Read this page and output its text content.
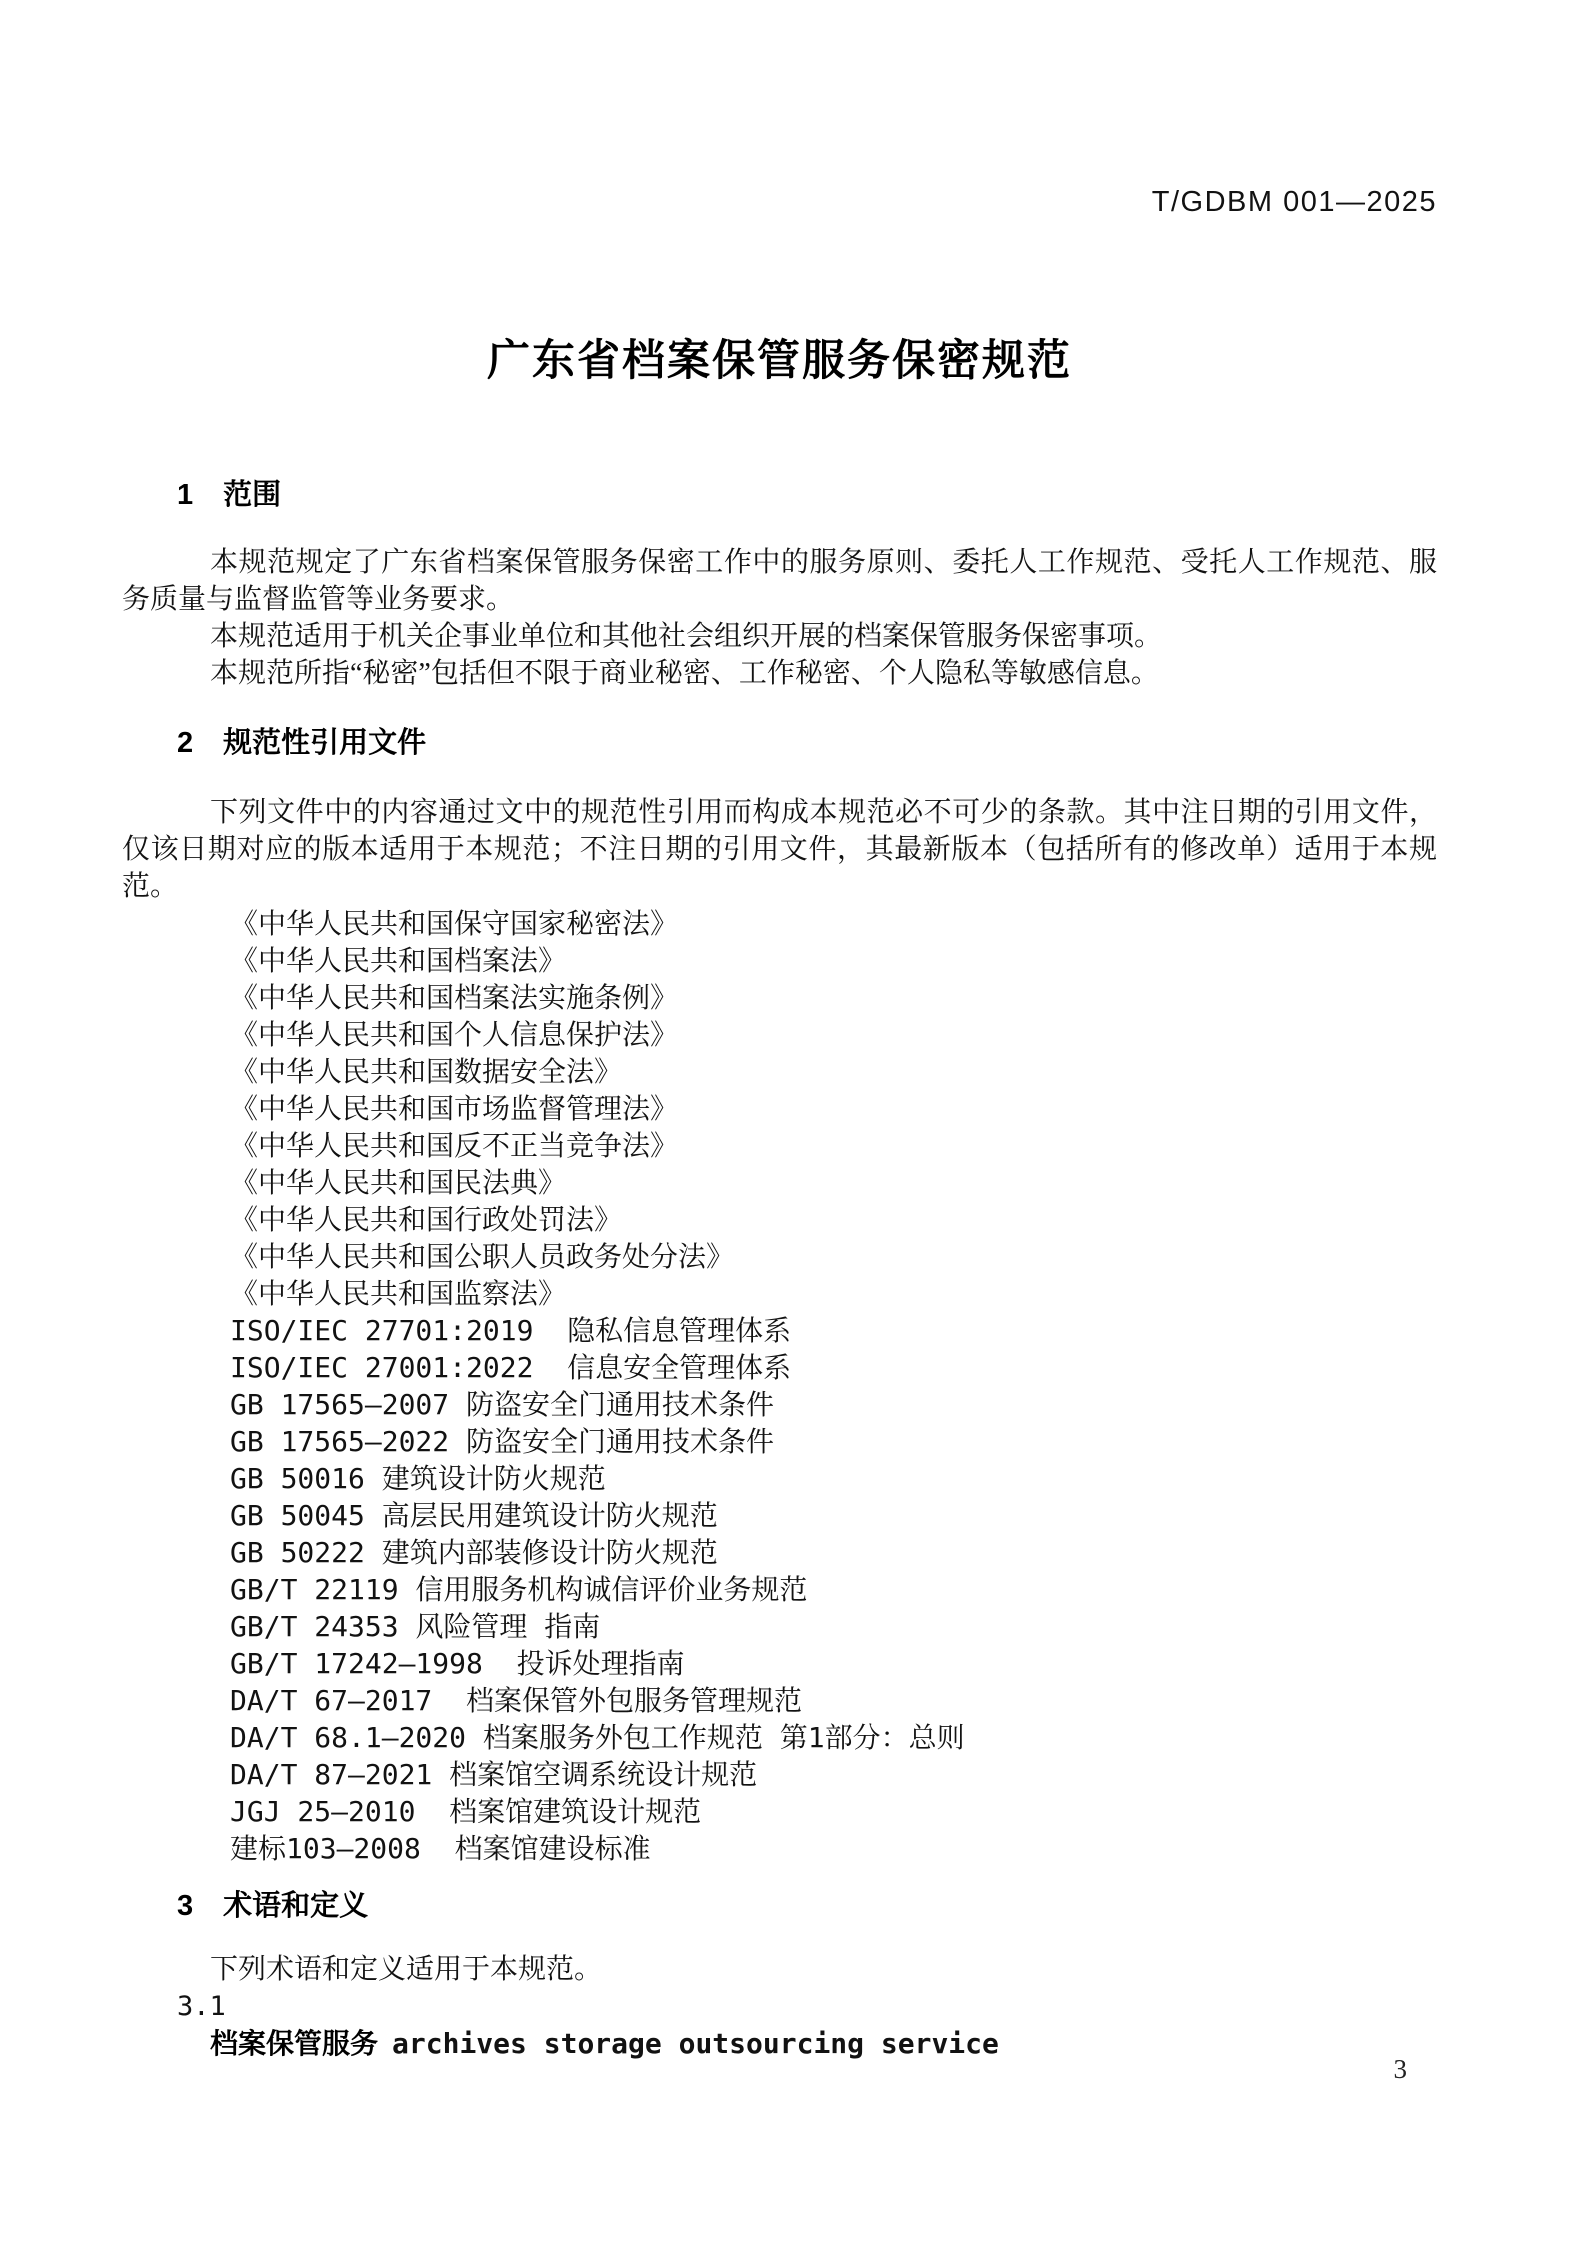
T/GDBM 001—2025
广东省档案保管服务保密规范
1 范围

本规范规定了广东省档案保管服务保密工作中的服务原则、委托人工作规范、受托人工作规范、服务质量与监督监管等业务要求。

本规范适用于机关企事业单位和其他社会组织开展的档案保管服务保密事项。

本规范所指“秘密”包括但不限于商业秘密、工作秘密、个人隐私等敏感信息。

2 规范性引用文件

下列文件中的内容通过文中的规范性引用而构成本规范必不可少的条款。其中注日期的引用文件，仅该日期对应的版本适用于本规范；不注日期的引用文件，其最新版本（包括所有的修改单）适用于本规范。

《中华人民共和国保守国家秘密法》
《中华人民共和国档案法》
《中华人民共和国档案法实施条例》
《中华人民共和国个人信息保护法》
《中华人民共和国数据安全法》
《中华人民共和国市场监督管理法》
《中华人民共和国反不正当竞争法》
《中华人民共和国民法典》
《中华人民共和国行政处罚法》
《中华人民共和国公职人员政务处分法》
《中华人民共和国监察法》
ISO/IEC 27701:2019  隐私信息管理体系
ISO/IEC 27001:2022  信息安全管理体系
GB 17565—2007 防盗安全门通用技术条件
GB 17565—2022 防盗安全门通用技术条件
GB 50016 建筑设计防火规范
GB 50045 高层民用建筑设计防火规范
GB 50222 建筑内部装修设计防火规范
GB/T 22119 信用服务机构诚信评价业务规范
GB/T 24353 风险管理 指南
GB/T 17242—1998  投诉处理指南
DA/T 67—2017  档案保管外包服务管理规范
DA/T 68.1—2020 档案服务外包工作规范 第1部分：总则
DA/T 87—2021 档案馆空调系统设计规范
JGJ 25—2010  档案馆建筑设计规范
建标103—2008  档案馆建设标准
3 术语和定义

下列术语和定义适用于本规范。

3.1
档案保管服务 archives storage outsourcing service
3
